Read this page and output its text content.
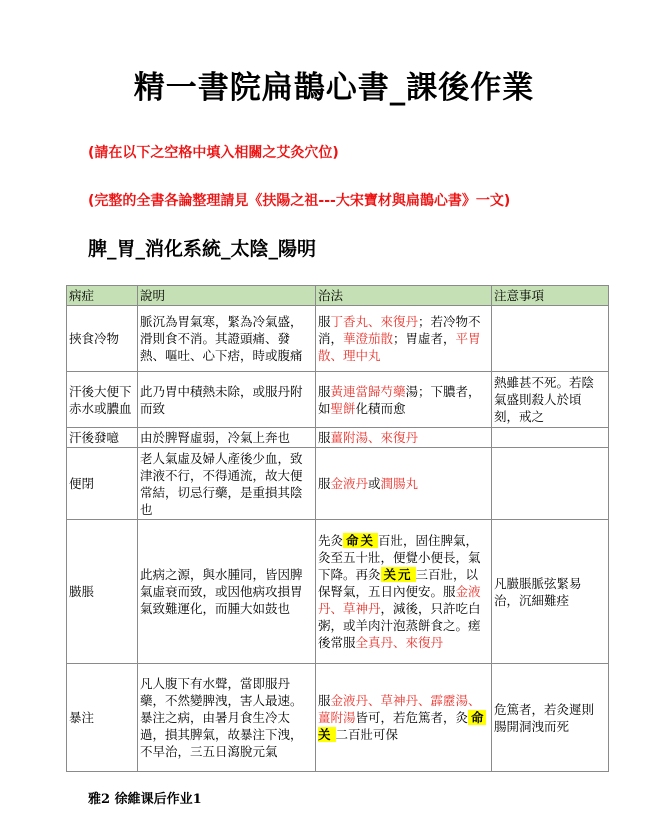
精一書院扁鵲心書_課後作業
(請在以下之空格中填入相關之艾灸穴位)
(完整的全書各論整理請見《扶陽之祖---大宋寶材與扁鵲心書》一文)
脾_胃_消化系統_太陰_陽明
病症	說明	治法	注意事項
挾食冷物	脈沉為胃氣寒，緊為冷氣盛，滑則食不消。其證頭痛、發熱、嘔吐、心下痞，時或腹痛	服丁香丸、來復丹；若冷物不消，華澄茄散；胃虛者，平胃散、理中丸	
汗後大便下赤水或膿血	此乃胃中積熱未除，或服丹附而致	服黃連當歸芍藥湯；下膿者，如聖餅化積而愈	熱雖甚不死。若陰氣盛則殺人於頃刻，戒之
汗後發噫	由於脾腎虛弱，冷氣上奔也	服薑附湯、來復丹	
便閉	老人氣虛及婦人產後少血，致津液不行，不得通流，故大便常結，切忌行藥，是重損其陰也	服金液丹或潤腸丸	
臌脹	此病之源，與水腫同，皆因脾氣虛衰而致，或因他病攻損胃氣致難運化，而腫大如鼓也	先灸 命关 百壯，固住脾氣，灸至五十壯，便覺小便長，氣下降。再灸 关元 三百壯，以保腎氣，五日內便安。服金液丹、草神丹，減後，只許吃白粥，或羊肉汁泡蒸餅食之。瘥後常服全真丹、來復丹	凡臌脹脈弦緊易治，沉細難痊
暴注	凡人腹下有水聲，當即服丹藥，不然變脾洩，害人最速。暴注之病，由暑月食生冷太過，損其脾氣，故暴注下洩，不早治，三五日瀉脫元氣	服金液丹、草神丹、霹靂湯、薑附湯皆可，若危篤者，灸 命关 二百壯可保	危篤者，若灸遲則腸開洞洩而死
雅2 徐維课后作业1
